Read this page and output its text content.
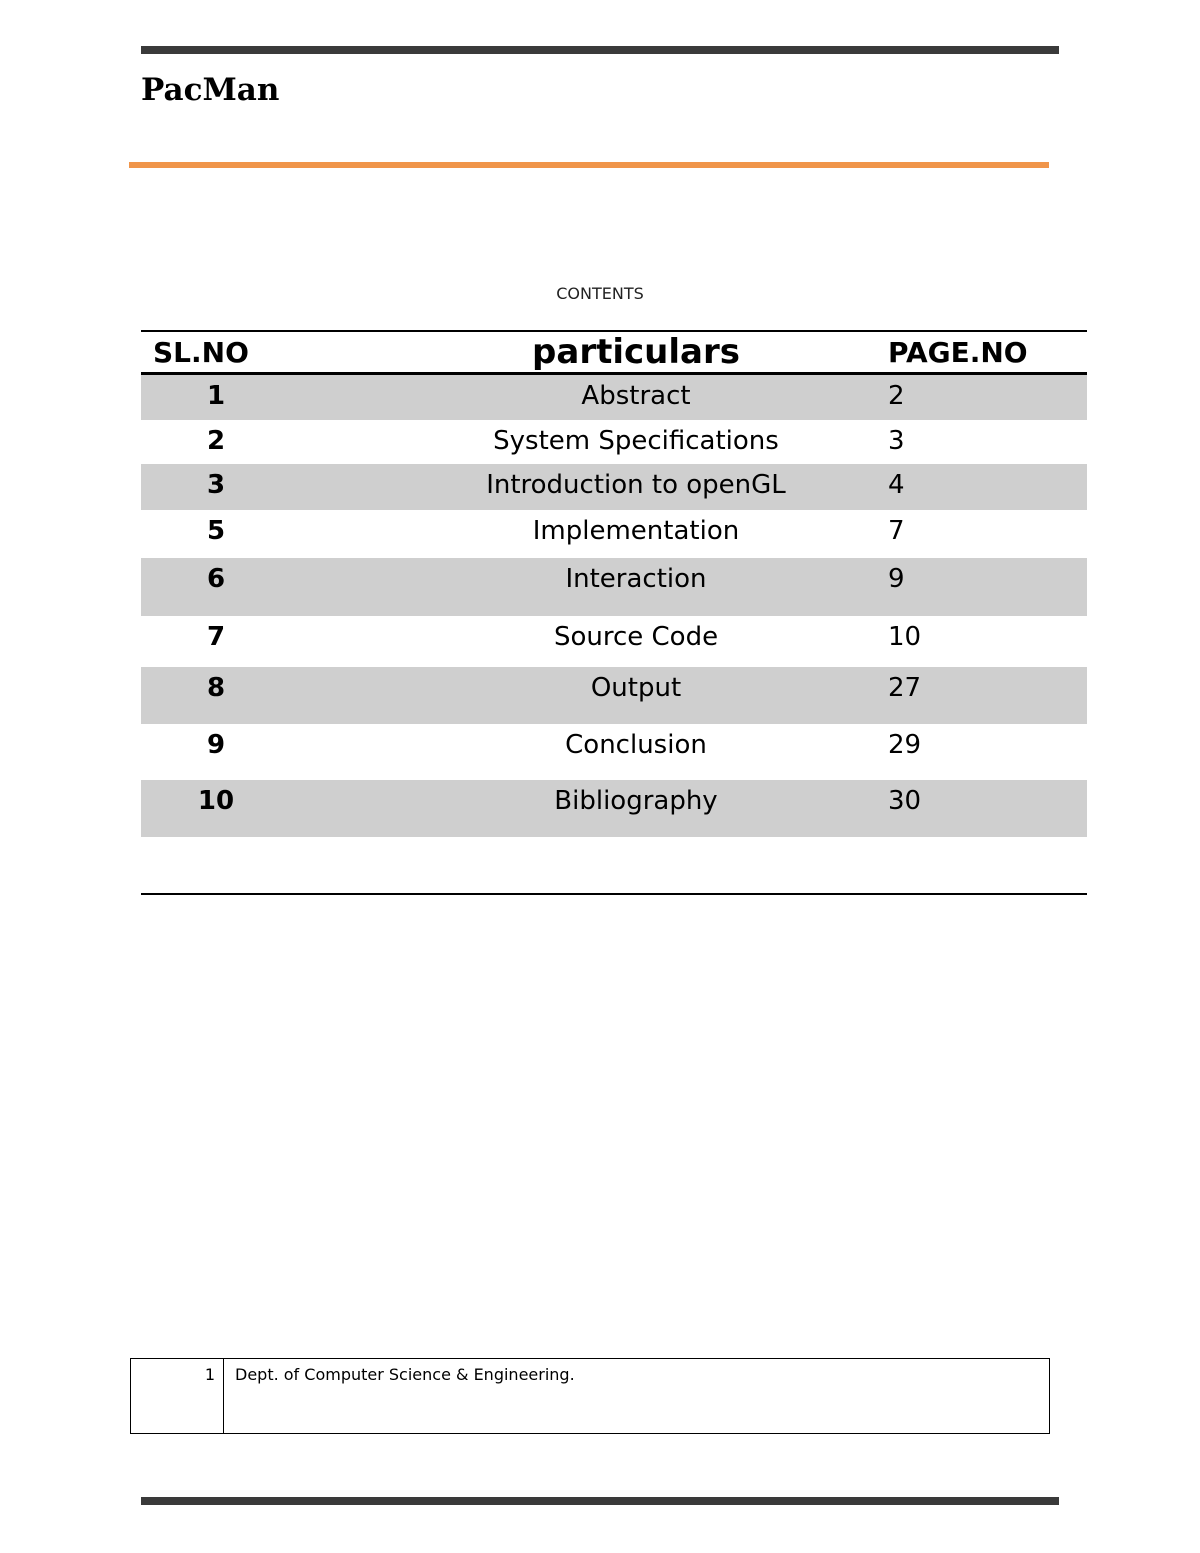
PacMan
CONTENTS
SL.NO	particulars	PAGE.NO
1	Abstract	2
2	System Specifications	3
3	Introduction to openGL	4
5	Implementation	7
6	Interaction	9
7	Source Code	10
8	Output	27
9	Conclusion	29
10	Bibliography	30
1	Dept. of Computer Science & Engineering.
